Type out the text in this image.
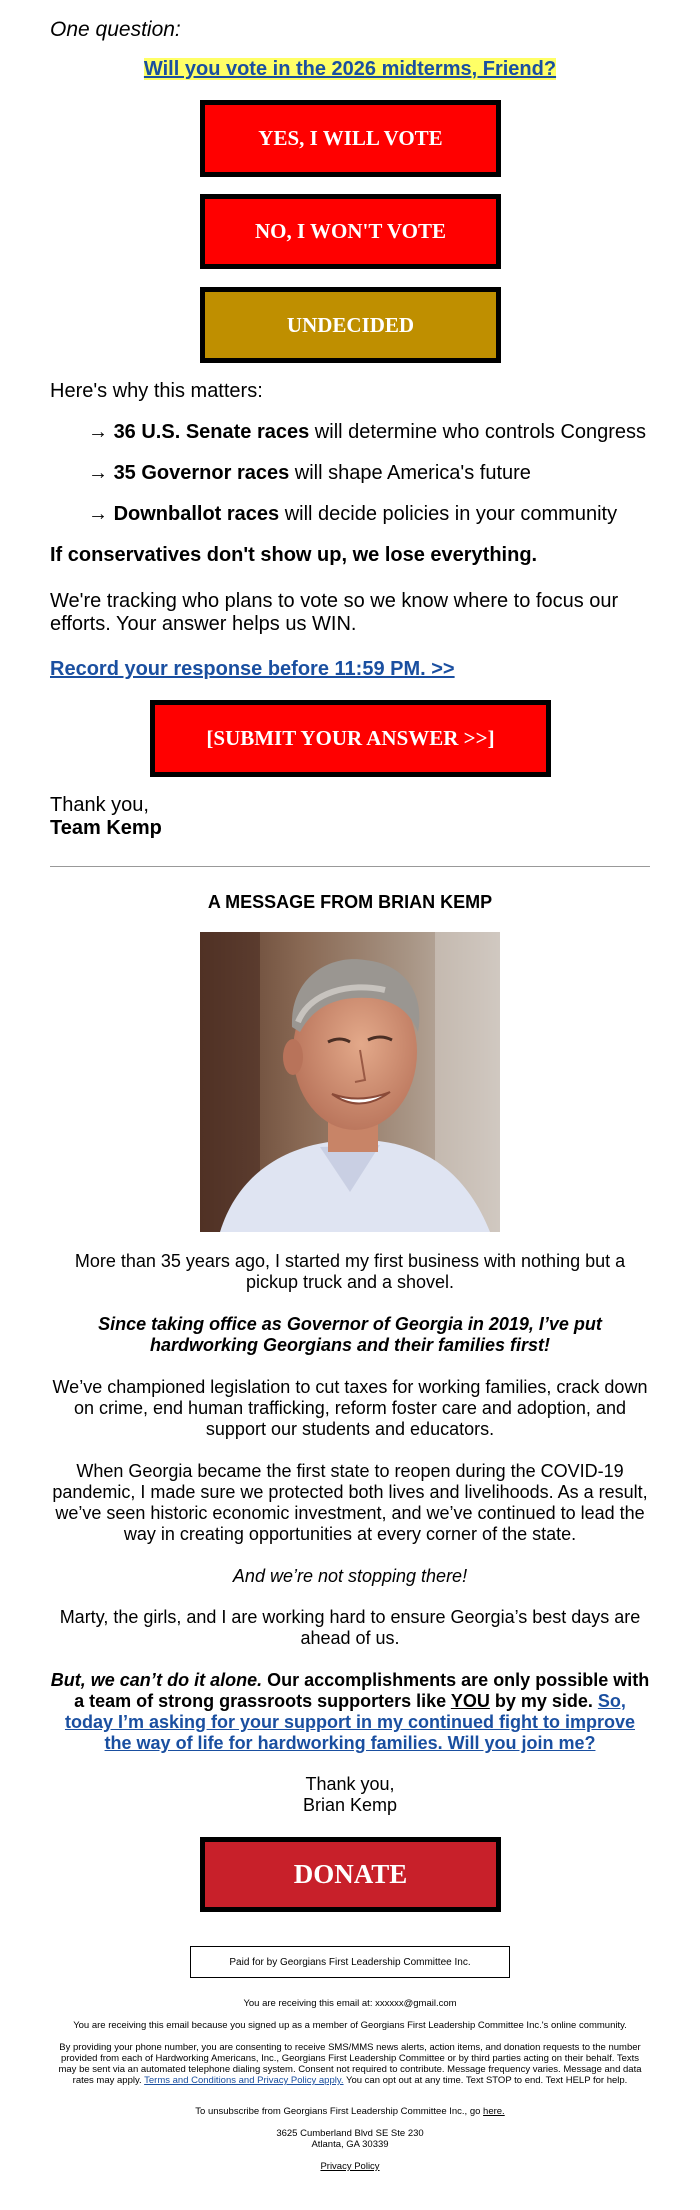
One question:
Will you vote in the 2026 midterms, Friend?
YES, I WILL VOTE
NO, I WON'T VOTE
UNDECIDED
Here's why this matters:
→ 36 U.S. Senate races will determine who controls Congress
→ 35 Governor races will shape America's future
→ Downballot races will decide policies in your community
If conservatives don't show up, we lose everything.
We're tracking who plans to vote so we know where to focus our efforts. Your answer helps us WIN.
Record your response before 11:59 PM. >>
[SUBMIT YOUR ANSWER >>]
Thank you,
Team Kemp
A MESSAGE FROM BRIAN KEMP
More than 35 years ago, I started my first business with nothing but a pickup truck and a shovel.
Since taking office as Governor of Georgia in 2019, I’ve put hardworking Georgians and their families first!
We’ve championed legislation to cut taxes for working families, crack down on crime, end human trafficking, reform foster care and adoption, and support our students and educators.
When Georgia became the first state to reopen during the COVID-19 pandemic, I made sure we protected both lives and livelihoods. As a result, we’ve seen historic economic investment, and we’ve continued to lead the way in creating opportunities at every corner of the state.
And we’re not stopping there!
Marty, the girls, and I are working hard to ensure Georgia’s best days are ahead of us.
But, we can’t do it alone. Our accomplishments are only possible with a team of strong grassroots supporters like YOU by my side. So, today I’m asking for your support in my continued fight to improve the way of life for hardworking families. Will you join me?
Thank you,
Brian Kemp
DONATE
Paid for by Georgians First Leadership Committee Inc.
You are receiving this email at: xxxxxx@gmail.com
You are receiving this email because you signed up as a member of Georgians First Leadership Committee Inc.'s online community.
By providing your phone number, you are consenting to receive SMS/MMS news alerts, action items, and donation requests to the number provided from each of Hardworking Americans, Inc., Georgians First Leadership Committee or by third parties acting on their behalf. Texts may be sent via an automated telephone dialing system. Consent not required to contribute. Message frequency varies. Message and data rates may apply. Terms and Conditions and Privacy Policy apply. You can opt out at any time. Text STOP to end. Text HELP for help.
To unsubscribe from Georgians First Leadership Committee Inc., go here.
3625 Cumberland Blvd SE Ste 230
Atlanta, GA 30339
Privacy Policy
